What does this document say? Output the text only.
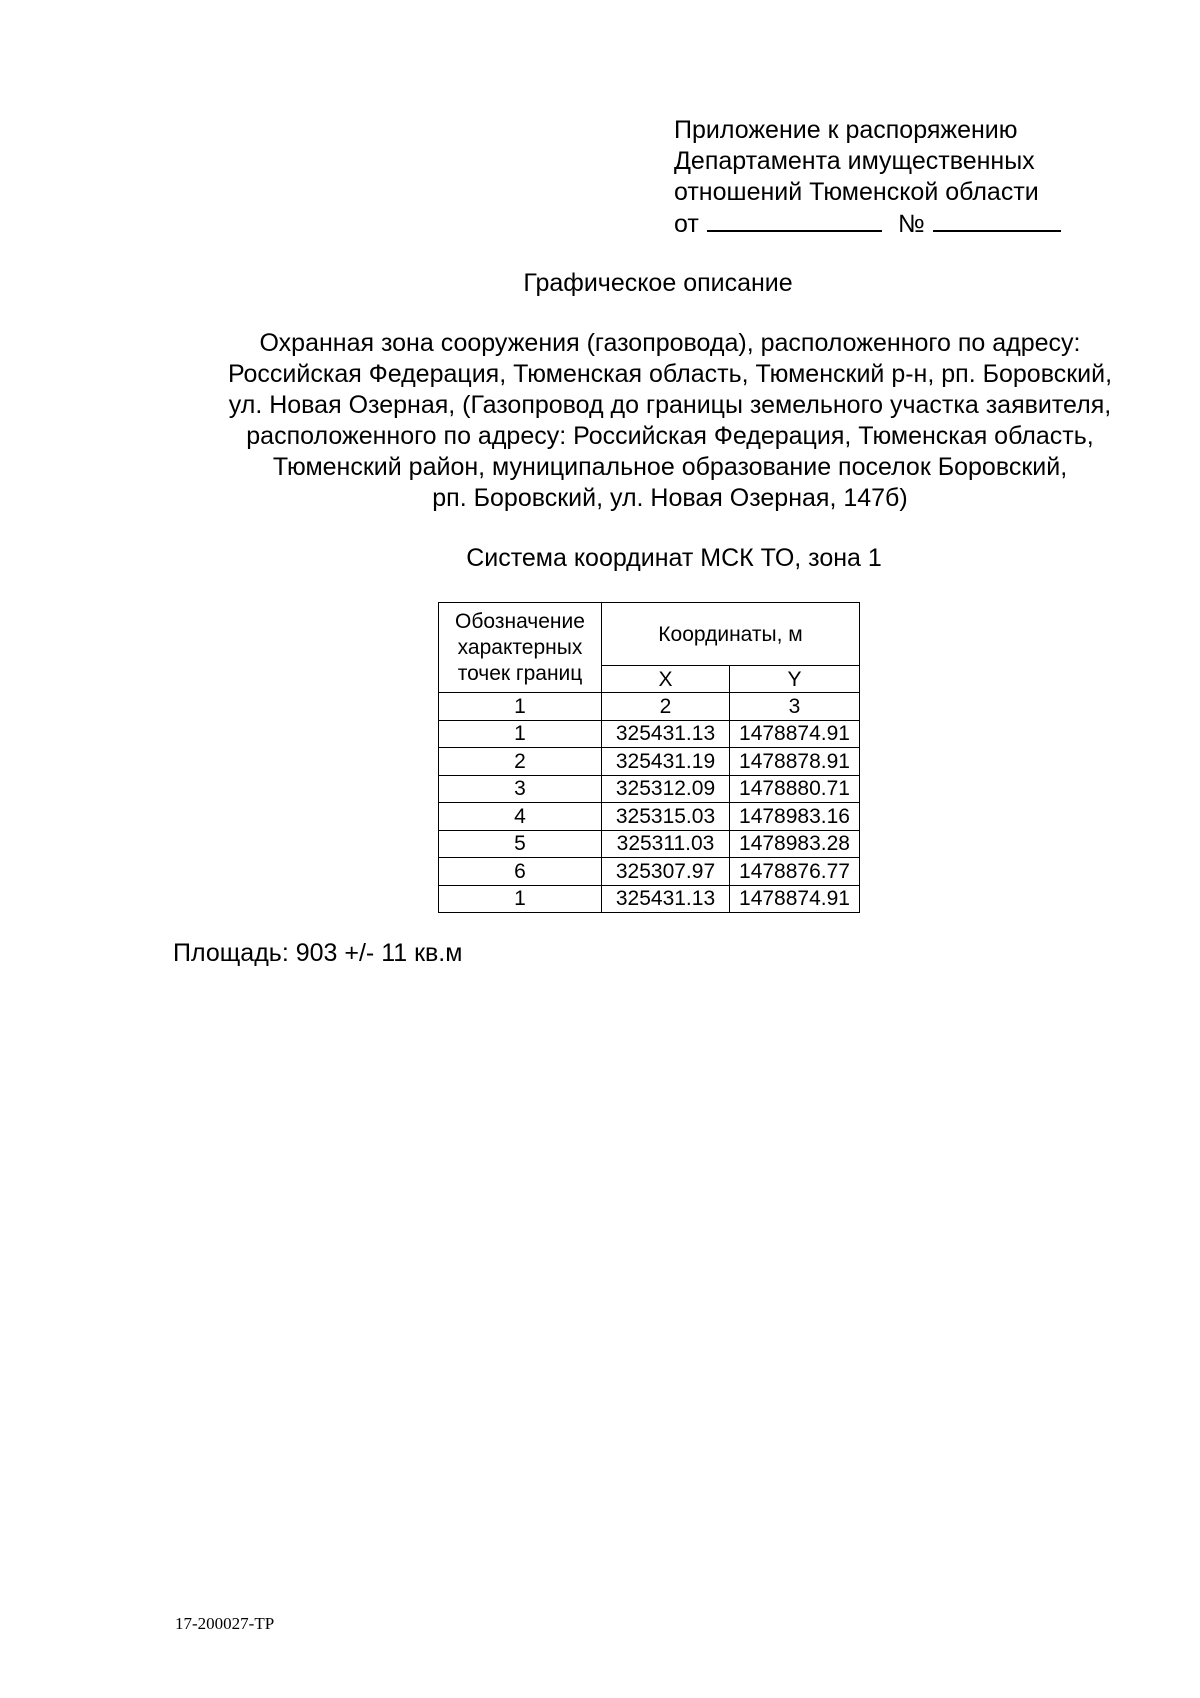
Приложение к распоряжению
Департамента имущественных
отношений Тюменской области
от	№
Графическое описание
Охранная зона сооружения (газопровода), расположенного по адресу:
Российская Федерация, Тюменская область, Тюменский р-н, рп. Боровский,
ул. Новая Озерная, (Газопровод до границы земельного участка заявителя,
расположенного по адресу: Российская Федерация, Тюменская область,
Тюменский район, муниципальное образование поселок Боровский,
рп. Боровский, ул. Новая Озерная, 147б)
Система координат МСК ТО, зона 1
Обозначение характерных точек границ	Координаты, м	
	X	Y
1	2	3
1	325431.13	1478874.91
2	325431.19	1478878.91
3	325312.09	1478880.71
4	325315.03	1478983.16
5	325311.03	1478983.28
6	325307.97	1478876.77
1	325431.13	1478874.91
Площадь: 903 +/- 11 кв.м
17-200027-ТР
